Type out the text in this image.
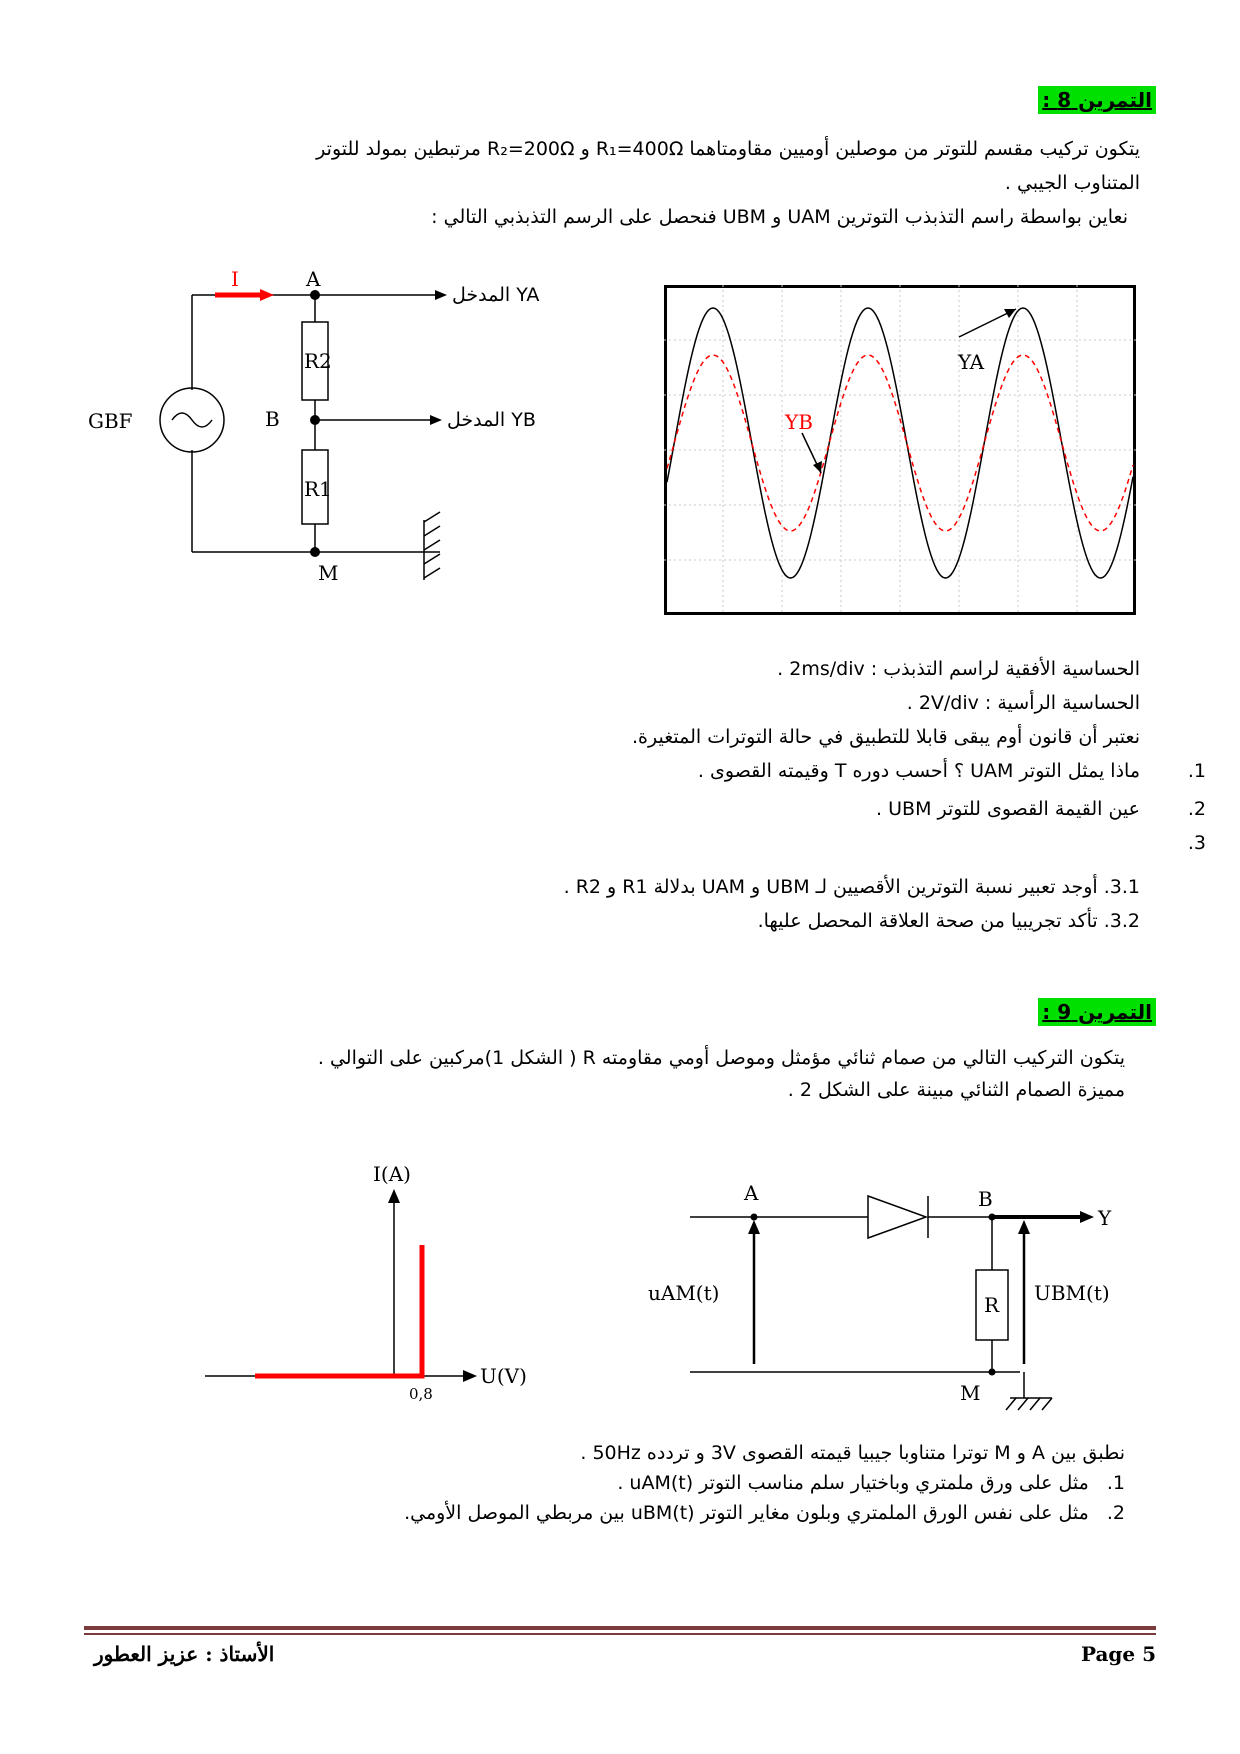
التمرين 8 :
يتكون تركيب مقسم للتوتر من موصلين أوميين مقاومتاهما R₁=400Ω و R₂=200Ω مرتبطين بمولد للتوتر
المتناوب الجيبي .
نعاين بواسطة راسم التذبذب التوترين UAM و UBM فنحصل على الرسم التذبذبي التالي :
I	A
B
M
R2
R1
GBF
المدخل YA
المدخل YB
YA
YB
الحساسية الأفقية لراسم التذبذب : 2ms/div .
الحساسية الرأسية : 2V/div .
نعتبر أن قانون أوم يبقى قابلا للتطبيق في حالة التوترات المتغيرة.
1.
ماذا يمثل التوتر UAM ؟ أحسب دوره T وقيمته القصوى .
2.
عين القيمة القصوى للتوتر UBM .
3.
3.1. أوجد تعبير نسبة التوترين الأقصيين لـ UBM و UAM بدلالة R1 و R2 .
3.2. تأكد تجريبيا من صحة العلاقة المحصل عليها.
التمرين 9 :
يتكون التركيب التالي من صمام ثنائي مؤمثل وموصل أومي مقاومته R ( الشكل 1)مركبين على التوالي .
مميزة الصمام الثنائي مبينة على الشكل 2 .
I(A)
U(V)
0,8
A	B
M
Y
R
uAM(t)	UBM(t)
نطبق بين A و M توترا متناوبا جيبيا قيمته القصوى 3V و تردده 50Hz .
1. مثل على ورق ملمتري وباختيار سلم مناسب التوتر uAM(t) .
2. مثل على نفس الورق الملمتري وبلون مغاير التوتر uBM(t) بين مربطي الموصل الأومي.
الأستاذ : عزيز العطور	Page 5
